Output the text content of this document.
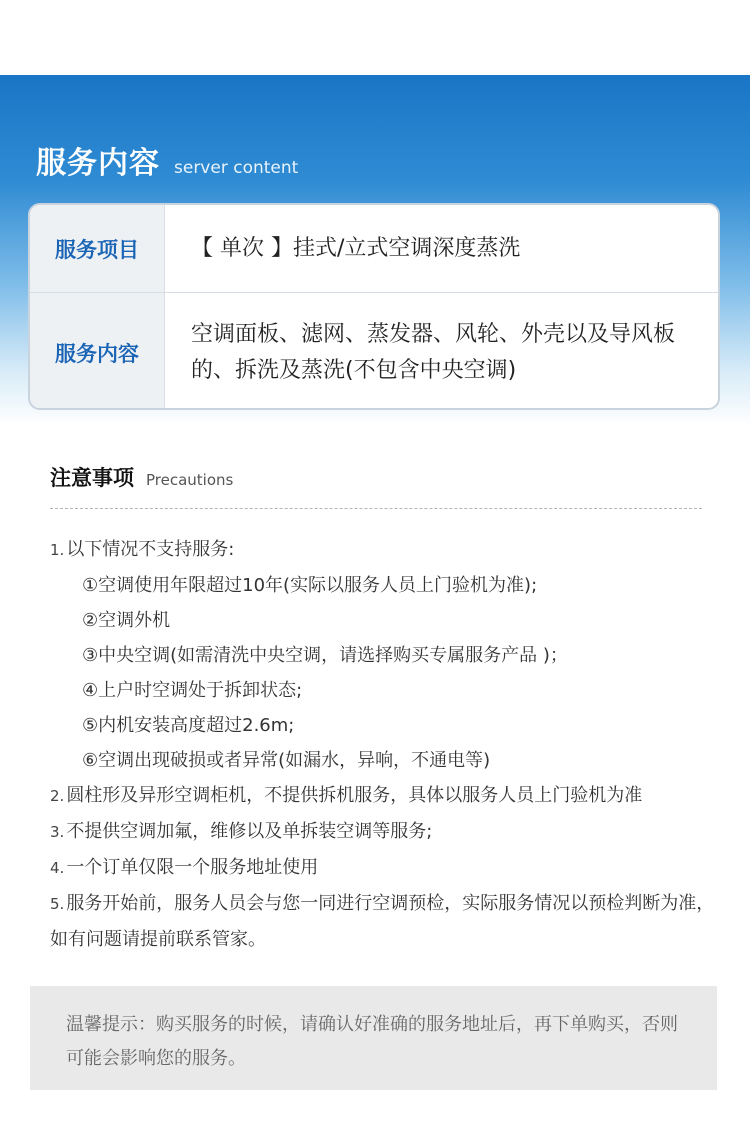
服务内容 server content
服务项目	【 单次 】挂式/立式空调深度蒸洗
服务内容
空调面板、滤网、蒸发器、风轮、外壳以及导风板的、拆洗及蒸洗(不包含中央空调)
注意事项 Precautions
1. 以下情况不支持服务:
①空调使用年限超过10年(实际以服务人员上门验机为准);
②空调外机
③中央空调(如需清洗中央空调，请选择购买专属服务产品 )；
④上户时空调处于拆卸状态;
⑤内机安装高度超过2.6m;
⑥空调出现破损或者异常(如漏水，异响，不通电等)
2. 圆柱形及异形空调柜机，不提供拆机服务，具体以服务人员上门验机为准
3. 不提供空调加氟，维修以及单拆装空调等服务;
4. 一个订单仅限一个服务地址使用
5. 服务开始前，服务人员会与您一同进行空调预检，实际服务情况以预检判断为准，如有问题请提前联系管家。
温馨提示：购买服务的时候，请确认好准确的服务地址后，再下单购买，否则可能会影响您的服务。
